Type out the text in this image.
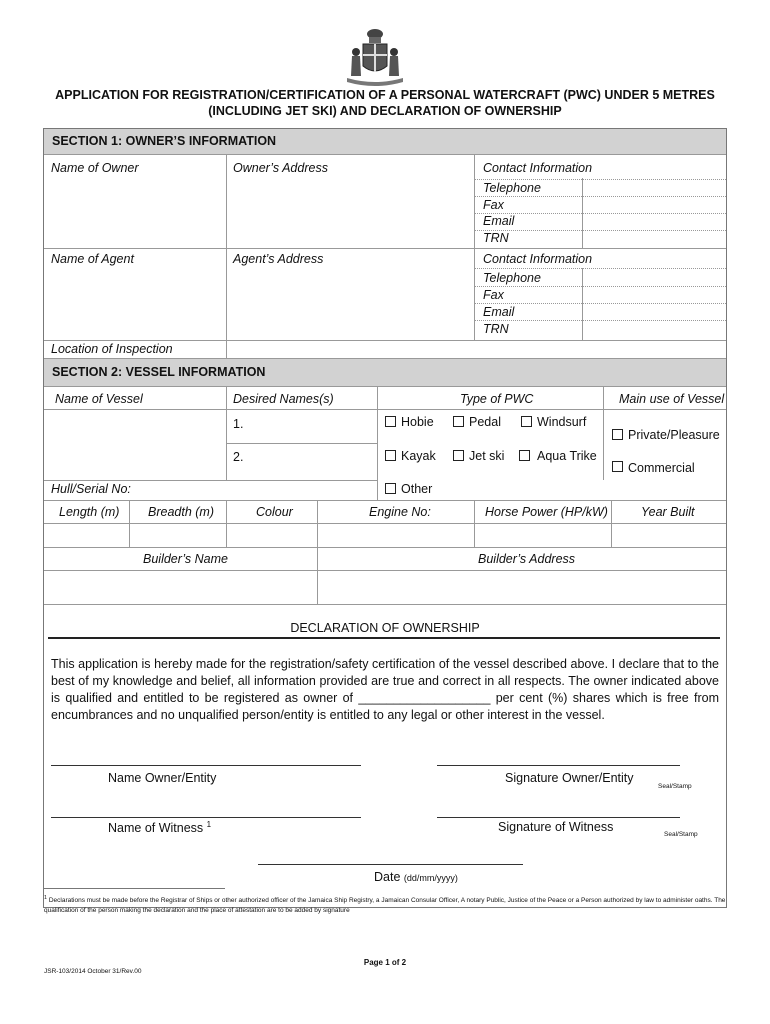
APPLICATION FOR REGISTRATION/CERTIFICATION OF A PERSONAL WATERCRAFT (PWC) UNDER 5 METRES
(INCLUDING JET SKI) AND DECLARATION OF OWNERSHIP
SECTION 1: OWNER’S INFORMATION
Name of Owner	Owner’s Address	Contact Information
Telephone
Fax
Email
TRN
Name of Agent	Agent’s Address	Contact Information
Telephone
Fax
Email
TRN
Location of Inspection
SECTION 2: VESSEL INFORMATION
Name of Vessel	Desired Names(s)	Type of PWC	Main use of Vessel
1.
2.
Hobie	Pedal	Windsurf
Kayak	Jet ski	Aqua Trike
Other
Private/Pleasure
Commercial
Hull/Serial No:
Length (m) Breadth (m)	Colour	Engine No:	Horse Power (HP/kW)	Year Built
Builder’s Name	Builder’s Address
DECLARATION OF OWNERSHIP
This application is hereby made for the registration/safety certification of the vessel described above. I declare that to the best of my knowledge and belief, all information provided are true and correct in all respects. The owner indicated above is qualified and entitled to be registered as owner of ___________________ per cent (%) shares which is free from encumbrances and no unqualified person/entity is entitled to any legal or other interest in the vessel.
Name Owner/Entity	Signature Owner/Entity
Seal/Stamp
Name of Witness $^1$	Signature of Witness
Seal/Stamp
Date (dd/mm/yyyy)
$^1$ Declarations must be made before the Registrar of Ships or other authorized officer of the Jamaica Ship Registry, a Jamaican Consular Officer, A notary Public, Justice of the Peace or a Person authorized by law to administer oaths. The qualification of the person making the declaration and the place of attestation are to be added by signature
Page 1 of 2
JSR-103/2014 October 31/Rev.00
